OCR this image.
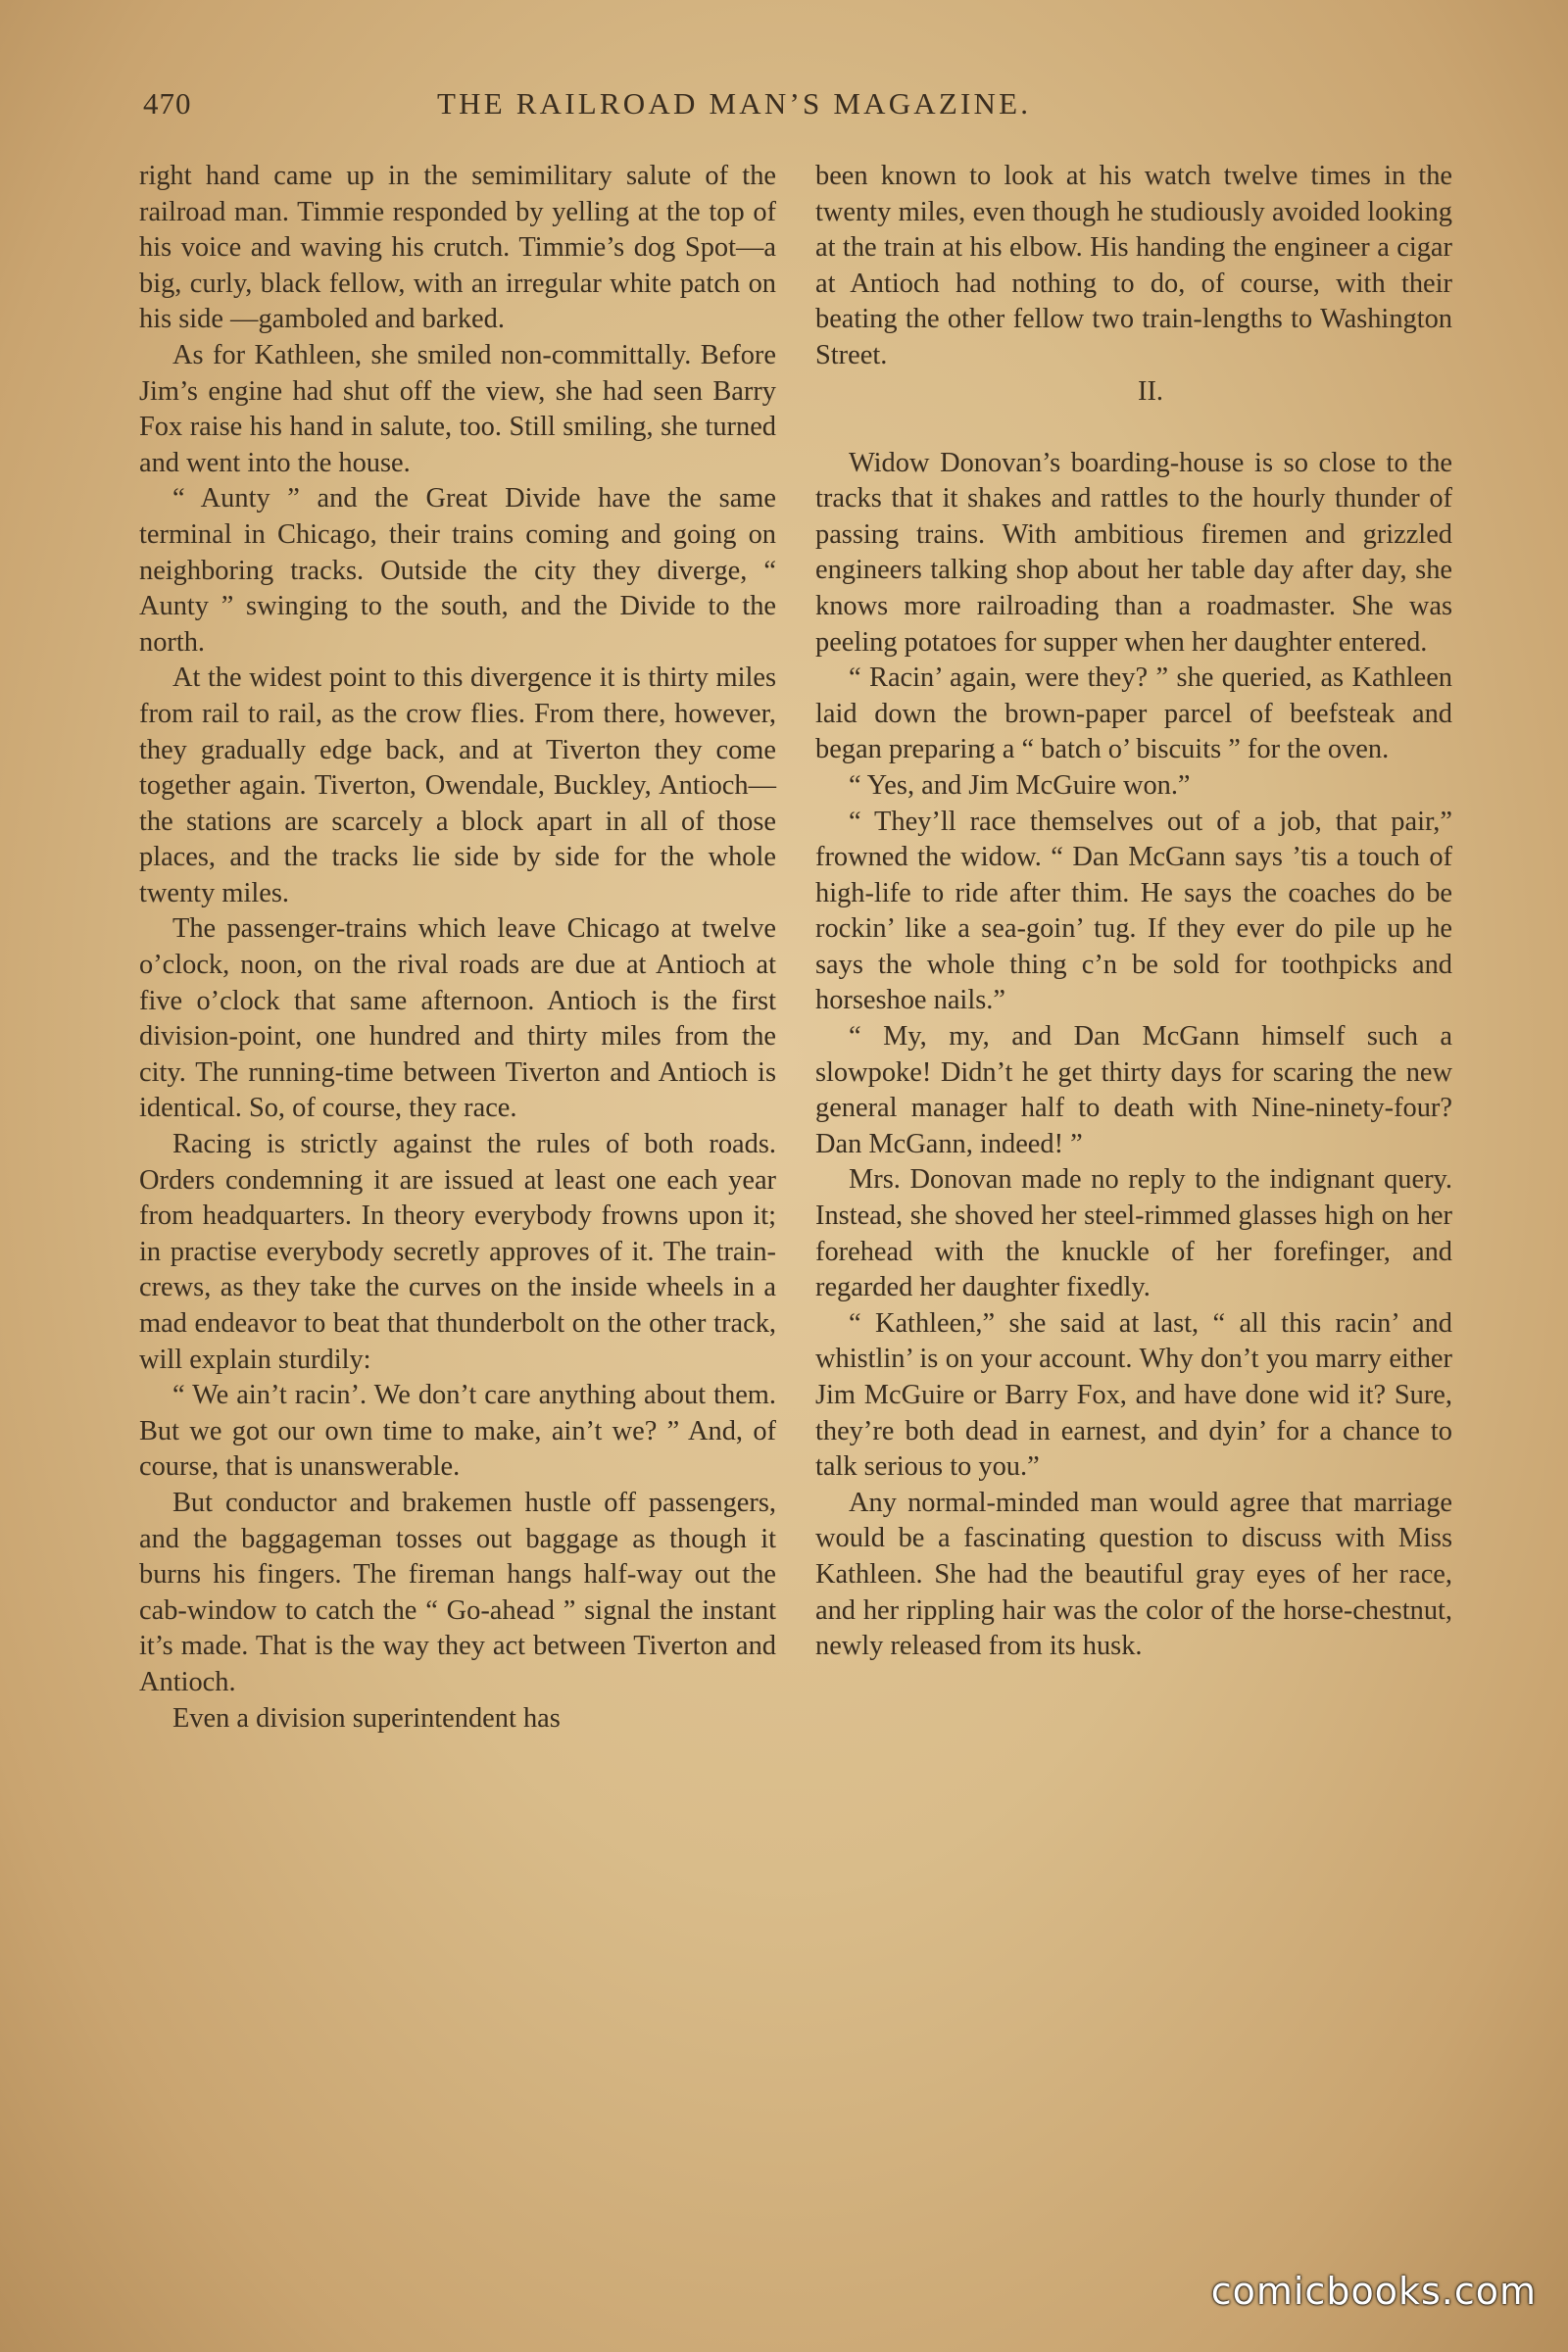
470	THE RAILROAD MAN’S MAGAZINE.

right hand came up in the semimilitary salute of the railroad man. Timmie responded by yelling at the top of his voice and waving his crutch. Timmie’s dog Spot—a big, curly, black fellow, with an irregular white patch on his side —gamboled and barked.

As for Kathleen, she smiled non-committally. Before Jim’s engine had shut off the view, she had seen Barry Fox raise his hand in salute, too. Still smiling, she turned and went into the house.

“ Aunty ” and the Great Divide have the same terminal in Chicago, their trains coming and going on neighboring tracks. Outside the city they diverge, “ Aunty ” swinging to the south, and the Divide to the north.

At the widest point to this divergence it is thirty miles from rail to rail, as the crow flies. From there, however, they gradually edge back, and at Tiverton they come together again. Tiverton, Owendale, Buckley, Antioch—the stations are scarcely a block apart in all of those places, and the tracks lie side by side for the whole twenty miles.

The passenger-trains which leave Chicago at twelve o’clock, noon, on the rival roads are due at Antioch at five o’clock that same afternoon. Antioch is the first division-point, one hundred and thirty miles from the city. The running-time between Tiverton and Antioch is identical. So, of course, they race.

Racing is strictly against the rules of both roads. Orders condemning it are issued at least one each year from headquarters. In theory everybody frowns upon it; in practise everybody secretly approves of it. The train-crews, as they take the curves on the inside wheels in a mad endeavor to beat that thunderbolt on the other track, will explain sturdily:

“ We ain’t racin’. We don’t care anything about them. But we got our own time to make, ain’t we? ” And, of course, that is unanswerable.

But conductor and brakemen hustle off passengers, and the baggageman tosses out baggage as though it burns his fingers. The fireman hangs half-way out the cab-window to catch the “ Go-ahead ” signal the instant it’s made. That is the way they act between Tiverton and Antioch.

Even a division superintendent has

been known to look at his watch twelve times in the twenty miles, even though he studiously avoided looking at the train at his elbow. His handing the engineer a cigar at Antioch had nothing to do, of course, with their beating the other fellow two train-lengths to Washington Street.

II.

Widow Donovan’s boarding-house is so close to the tracks that it shakes and rattles to the hourly thunder of passing trains. With ambitious firemen and grizzled engineers talking shop about her table day after day, she knows more railroading than a roadmaster. She was peeling potatoes for supper when her daughter entered.

“ Racin’ again, were they? ” she queried, as Kathleen laid down the brown-paper parcel of beefsteak and began preparing a “ batch o’ biscuits ” for the oven.

“ Yes, and Jim McGuire won.”

“ They’ll race themselves out of a job, that pair,” frowned the widow. “ Dan McGann says ’tis a touch of high-life to ride after thim. He says the coaches do be rockin’ like a sea-goin’ tug. If they ever do pile up he says the whole thing c’n be sold for toothpicks and horseshoe nails.”

“ My, my, and Dan McGann himself such a slowpoke! Didn’t he get thirty days for scaring the new general manager half to death with Nine-ninety-four? Dan McGann, indeed! ”

Mrs. Donovan made no reply to the indignant query. Instead, she shoved her steel-rimmed glasses high on her forehead with the knuckle of her forefinger, and regarded her daughter fixedly.

“ Kathleen,” she said at last, “ all this racin’ and whistlin’ is on your account. Why don’t you marry either Jim McGuire or Barry Fox, and have done wid it? Sure, they’re both dead in earnest, and dyin’ for a chance to talk serious to you.”

Any normal-minded man would agree that marriage would be a fascinating question to discuss with Miss Kathleen. She had the beautiful gray eyes of her race, and her rippling hair was the color of the horse-chestnut, newly released from its husk.

comicbooks.com
